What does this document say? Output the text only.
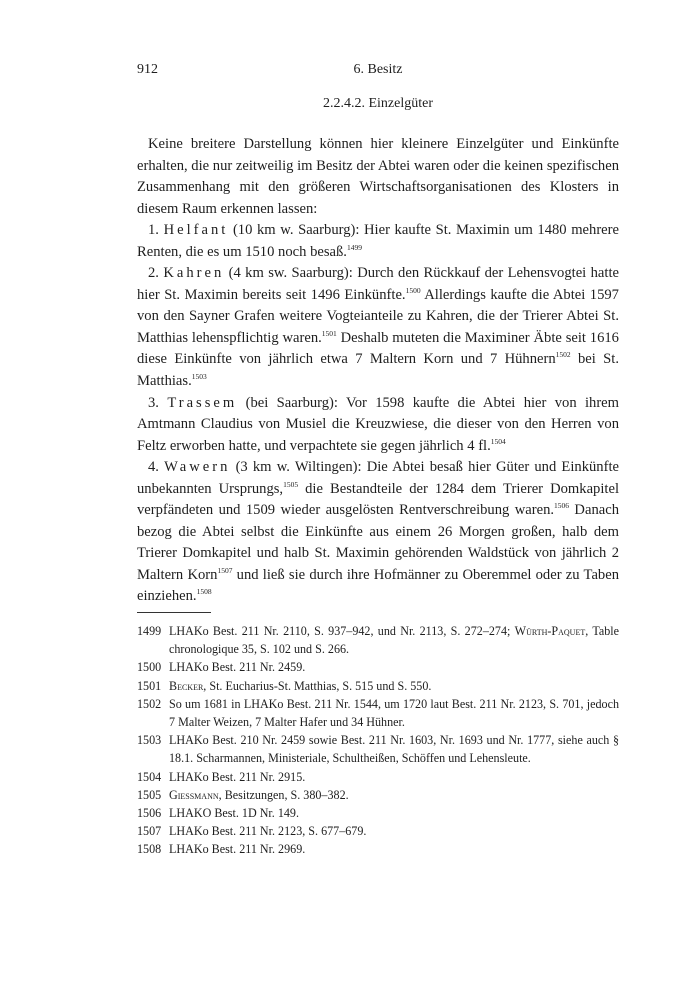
912	6. Besitz
2.2.4.2. Einzelgüter

Keine breitere Darstellung können hier kleinere Einzelgüter und Einkünfte erhalten, die nur zeitweilig im Besitz der Abtei waren oder die keinen spezifischen Zusammenhang mit den größeren Wirtschaftsorganisationen des Klosters in diesem Raum erkennen lassen:

1. Helfant (10 km w. Saarburg): Hier kaufte St. Maximin um 1480 mehrere Renten, die es um 1510 noch besaß.$^{1499}$

2. Kahren (4 km sw. Saarburg): Durch den Rückkauf der Lehensvogtei hatte hier St. Maximin bereits seit 1496 Einkünfte.$^{1500}$ Allerdings kaufte die Abtei 1597 von den Sayner Grafen weitere Vogteianteile zu Kahren, die der Trierer Abtei St. Matthias lehenspflichtig waren.$^{1501}$ Deshalb muteten die Maximiner Äbte seit 1616 diese Einkünfte von jährlich etwa 7 Maltern Korn und 7 Hühnern$^{1502}$ bei St. Matthias.$^{1503}$

3. Trassem (bei Saarburg): Vor 1598 kaufte die Abtei hier von ihrem Amtmann Claudius von Musiel die Kreuzwiese, die dieser von den Herren von Feltz erworben hatte, und verpachtete sie gegen jährlich 4 fl.$^{1504}$

4. Wawern (3 km w. Wiltingen): Die Abtei besaß hier Güter und Einkünfte unbekannten Ursprungs,$^{1505}$ die Bestandteile der 1284 dem Trierer Domkapitel verpfändeten und 1509 wieder ausgelösten Rentverschreibung waren.$^{1506}$ Danach bezog die Abtei selbst die Einkünfte aus einem 26 Morgen großen, halb dem Trierer Domkapitel und halb St. Maximin gehörenden Waldstück von jährlich 2 Maltern Korn$^{1507}$ und ließ sie durch ihre Hofmänner zu Oberemmel oder zu Taben einziehen.$^{1508}$

1499 LHAKo Best. 211 Nr. 2110, S. 937–942, und Nr. 2113, S. 272–274; Würth-Paquet, Table chronologique 35, S. 102 und S. 266.
1500 LHAKo Best. 211 Nr. 2459.
1501 Becker, St. Eucharius-St. Matthias, S. 515 und S. 550.
1502 So um 1681 in LHAKo Best. 211 Nr. 1544, um 1720 laut Best. 211 Nr. 2123, S. 701, jedoch 7 Malter Weizen, 7 Malter Hafer und 34 Hühner.
1503 LHAKo Best. 210 Nr. 2459 sowie Best. 211 Nr. 1603, Nr. 1693 und Nr. 1777, siehe auch § 18.1. Scharmannen, Ministeriale, Schultheißen, Schöffen und Lehensleute.
1504 LHAKo Best. 211 Nr. 2915.
1505 Giessmann, Besitzungen, S. 380–382.
1506 LHAKO Best. 1D Nr. 149.
1507 LHAKo Best. 211 Nr. 2123, S. 677–679.
1508 LHAKo Best. 211 Nr. 2969.
